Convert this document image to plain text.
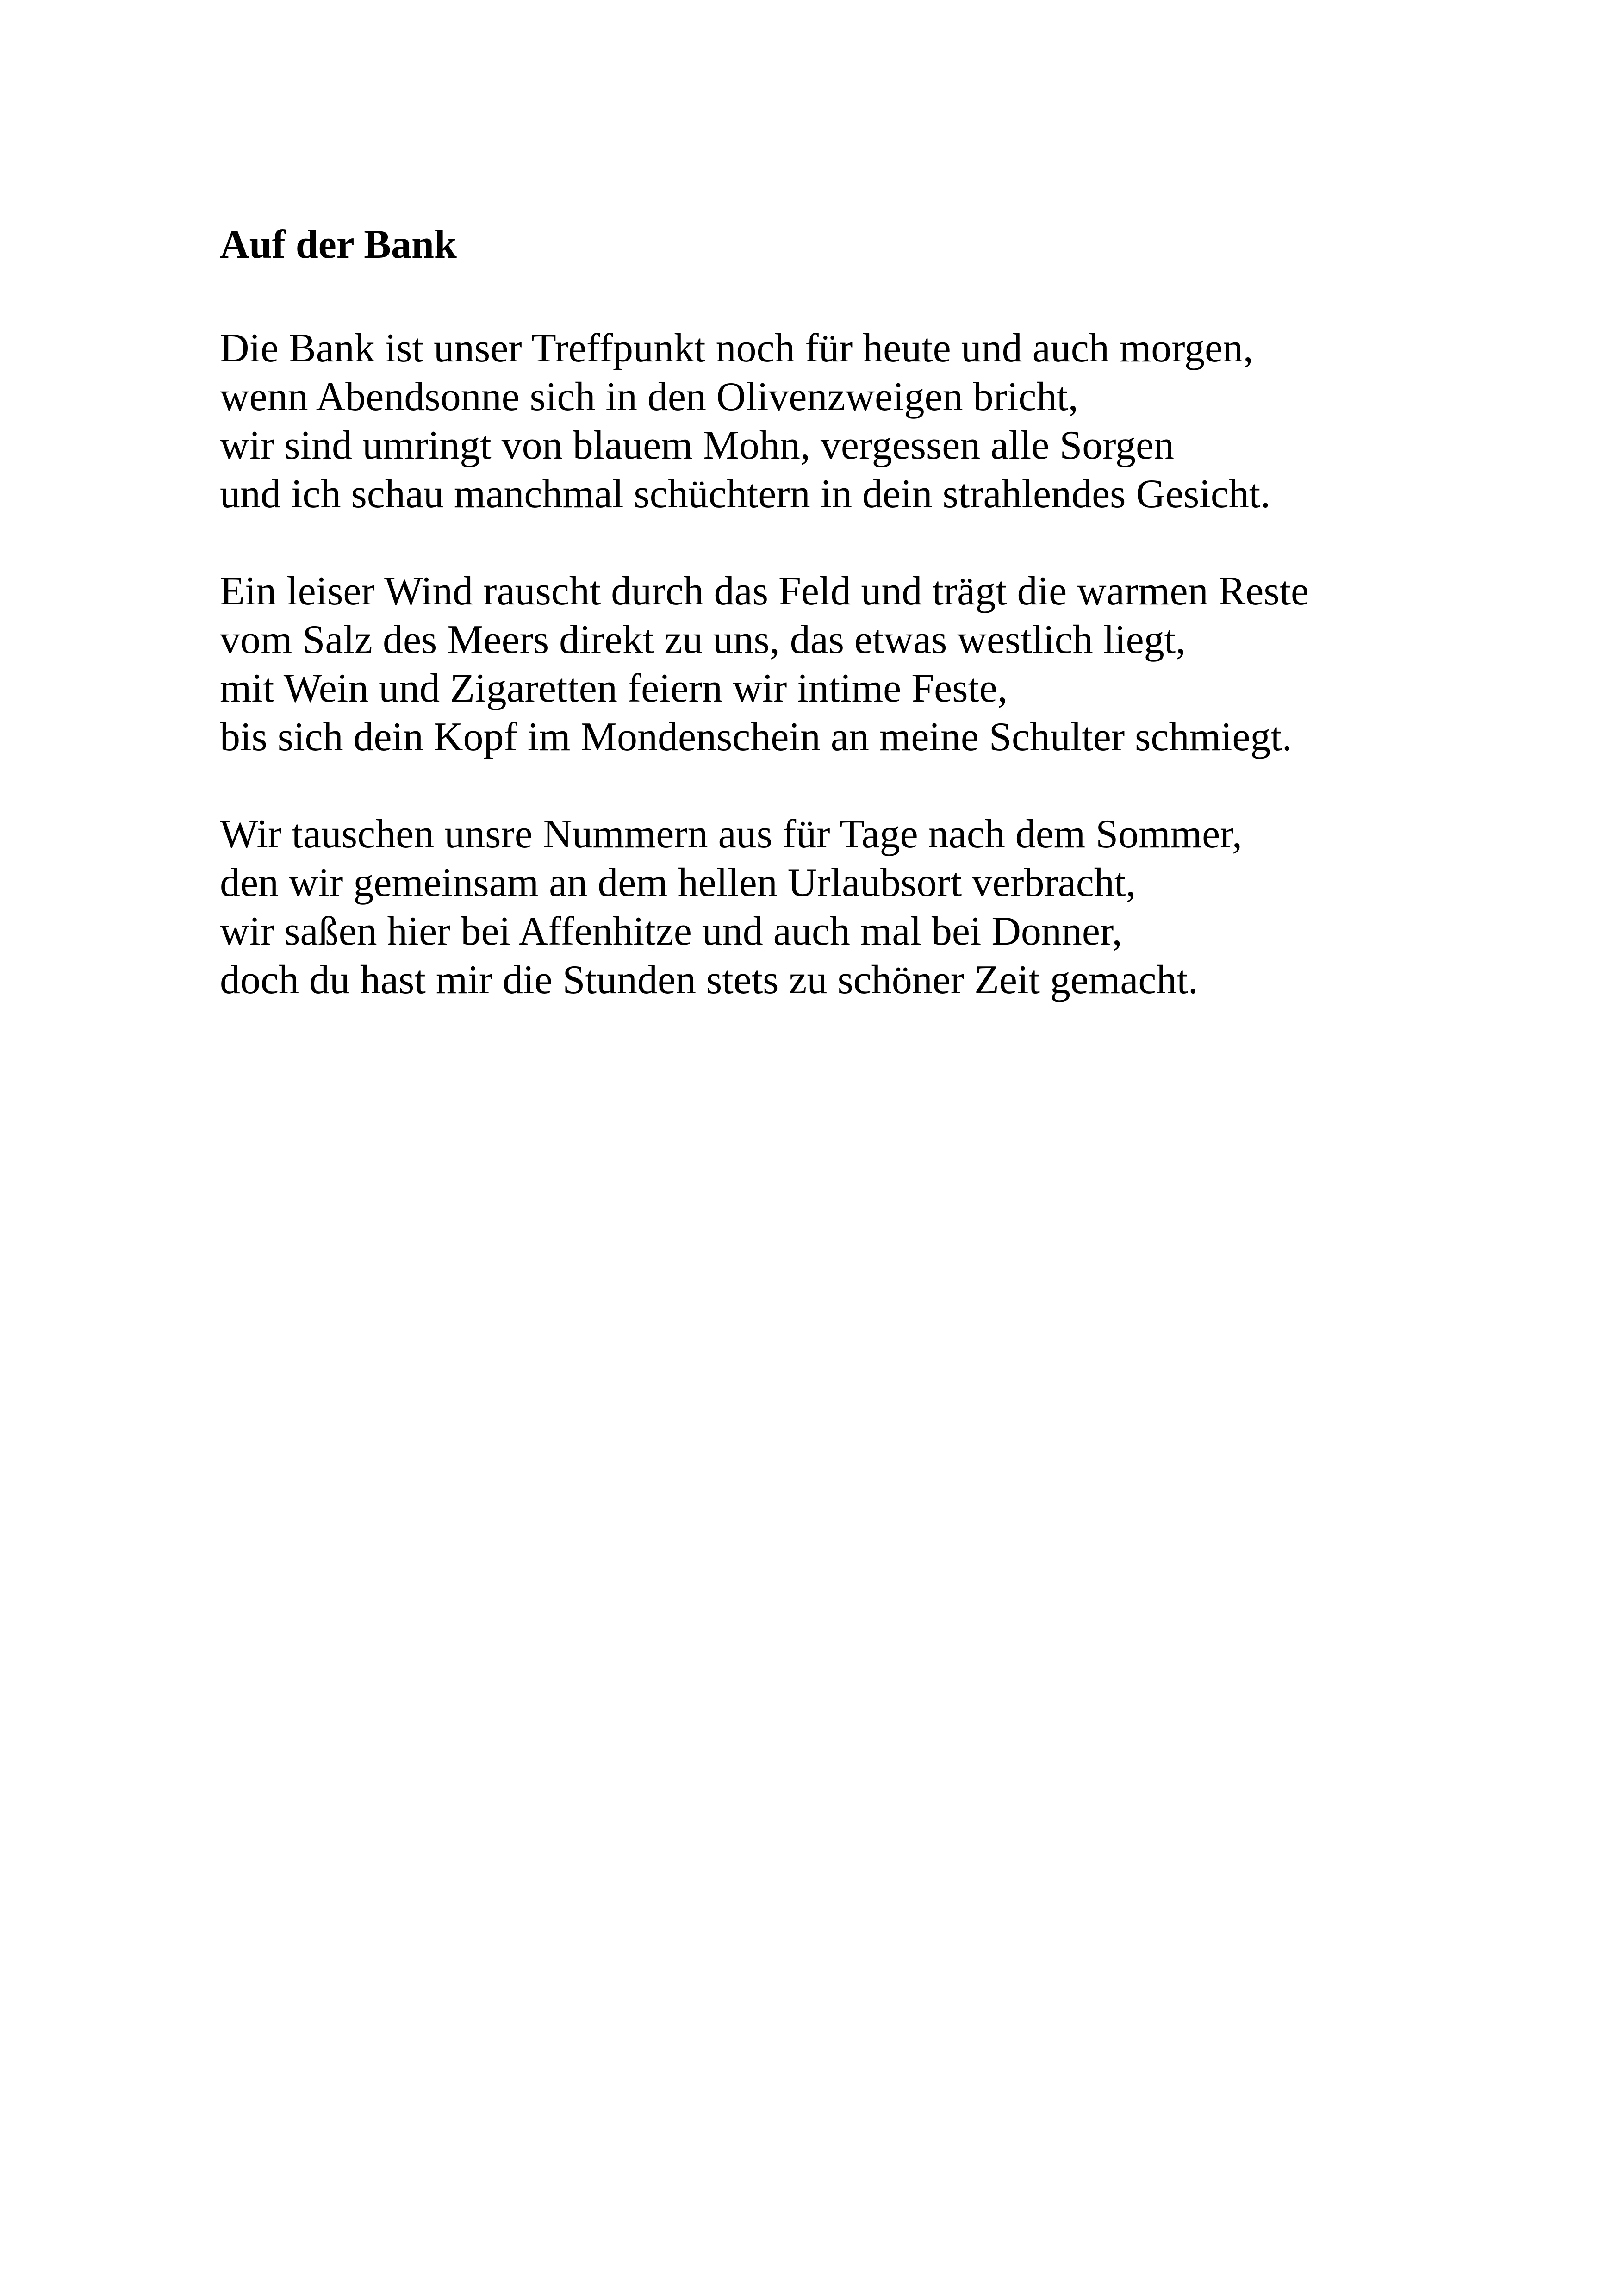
Auf der Bank
Die Bank ist unser Treffpunkt noch für heute und auch morgen,
wenn Abendsonne sich in den Olivenzweigen bricht,
wir sind umringt von blauem Mohn, vergessen alle Sorgen
und ich schau manchmal schüchtern in dein strahlendes Gesicht.
Ein leiser Wind rauscht durch das Feld und trägt die warmen Reste
vom Salz des Meers direkt zu uns, das etwas westlich liegt,
mit Wein und Zigaretten feiern wir intime Feste,
bis sich dein Kopf im Mondenschein an meine Schulter schmiegt.
Wir tauschen unsre Nummern aus für Tage nach dem Sommer,
den wir gemeinsam an dem hellen Urlaubsort verbracht,
wir saßen hier bei Affenhitze und auch mal bei Donner,
doch du hast mir die Stunden stets zu schöner Zeit gemacht.
